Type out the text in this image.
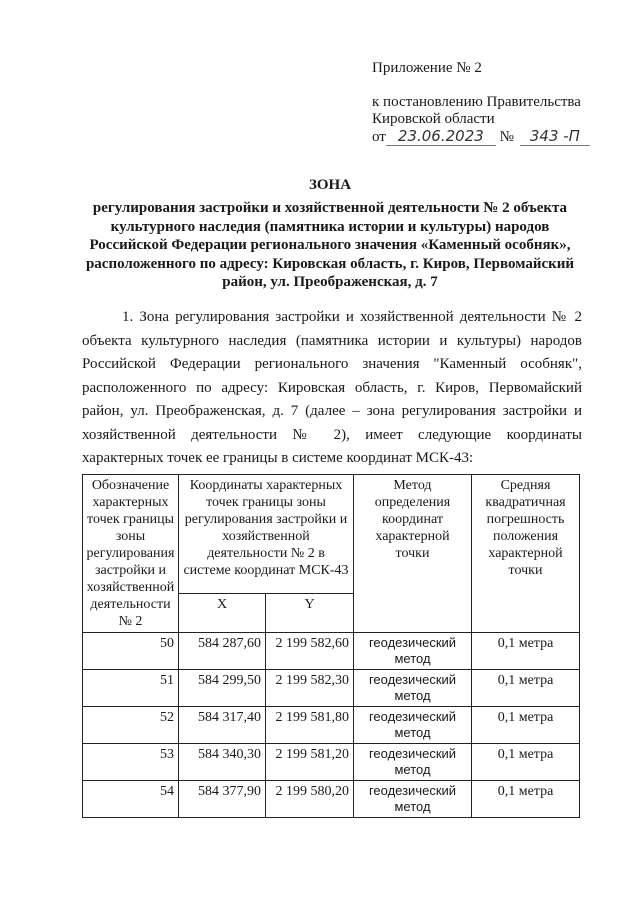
Приложение № 2
к постановлению Правительства
Кировской области
от 23.06.2023 № 343 -П
ЗОНА
регулирования застройки и хозяйственной деятельности № 2 объекта культурного наследия (памятника истории и культуры) народов Российской Федерации регионального значения «Каменный особняк», расположенного по адресу: Кировская область, г. Киров, Первомайский район, ул. Преображенская, д. 7
1. Зона регулирования застройки и хозяйственной деятельности № 2 объекта культурного наследия (памятника истории и культуры) народов Российской Федерации регионального значения "Каменный особняк", расположенного по адресу: Кировская область, г. Киров, Первомайский район, ул. Преображенская, д. 7 (далее – зона регулирования застройки и хозяйственной деятельности № 2), имеет следующие координаты характерных точек ее границы в системе координат МСК-43:
Обозначение характерных точек границы зоны регулирования застройки и хозяйственной деятельности № 2	Координаты характерных точек границы зоны регулирования застройки и хозяйственной деятельности № 2 в системе координат МСК-43		Метод определения координат характерной точки	Средняя квадратичная погрешность положения характерной точки
	X	Y		
50	584 287,60	2 199 582,60	геодезический метод	0,1 метра
51	584 299,50	2 199 582,30	геодезический метод	0,1 метра
52	584 317,40	2 199 581,80	геодезический метод	0,1 метра
53	584 340,30	2 199 581,20	геодезический метод	0,1 метра
54	584 377,90	2 199 580,20	геодезический метод	0,1 метра
